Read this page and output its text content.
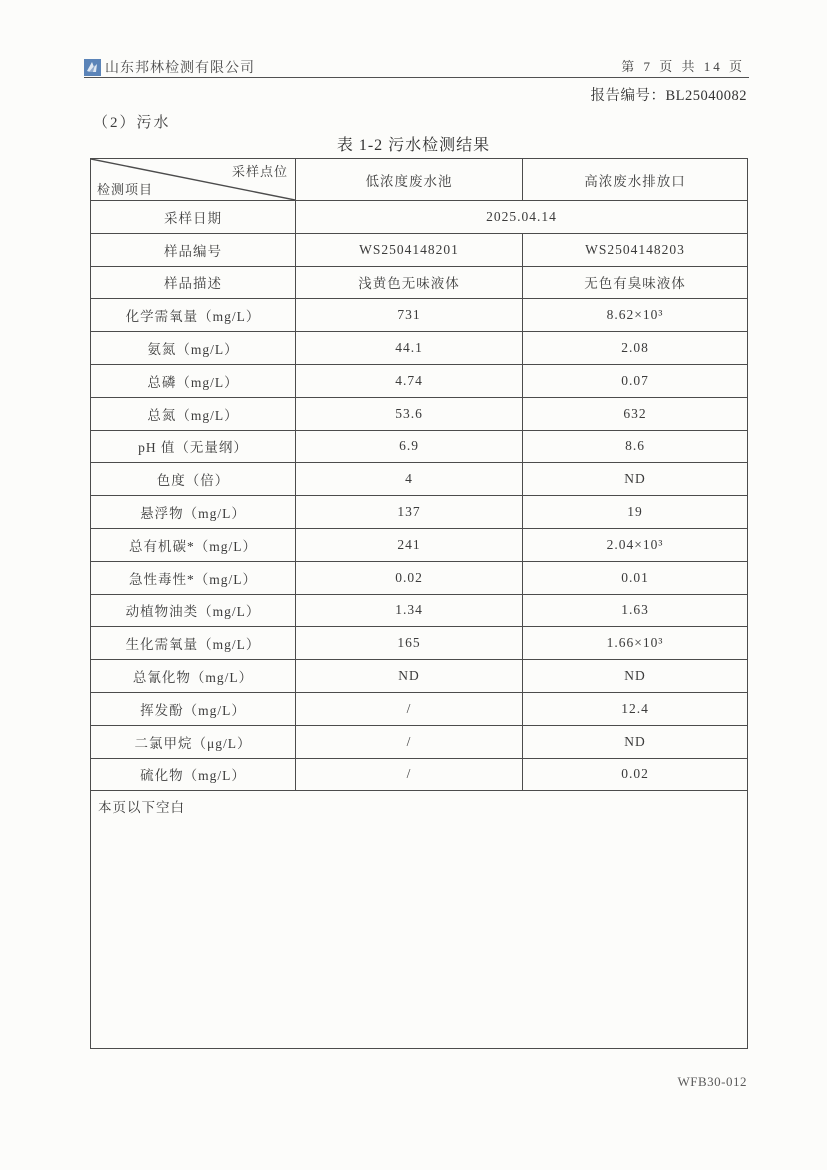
山东邦林检测有限公司	第 7 页 共 14 页
报告编号：BL25040082
（2）污水
表 1-2 污水检测结果
采样点位
检测项目	低浓度废水池	高浓废水排放口
采样日期	2025.04.14	
样品编号	WS2504148201	WS2504148203
样品描述	浅黄色无味液体	无色有臭味液体
化学需氧量（mg/L）	731	8.62×10³
氨氮（mg/L）	44.1	2.08
总磷（mg/L）	4.74	0.07
总氮（mg/L）	53.6	632
pH 值（无量纲）	6.9	8.6
色度（倍）	4	ND
悬浮物（mg/L）	137	19
总有机碳*（mg/L）	241	2.04×10³
急性毒性*（mg/L）	0.02	0.01
动植物油类（mg/L）	1.34	1.63
生化需氧量（mg/L）	165	1.66×10³
总氰化物（mg/L）	ND	ND
挥发酚（mg/L）	/	12.4
二氯甲烷（μg/L）	/	ND
硫化物（mg/L）	/	0.02
本页以下空白		
WFB30-012
